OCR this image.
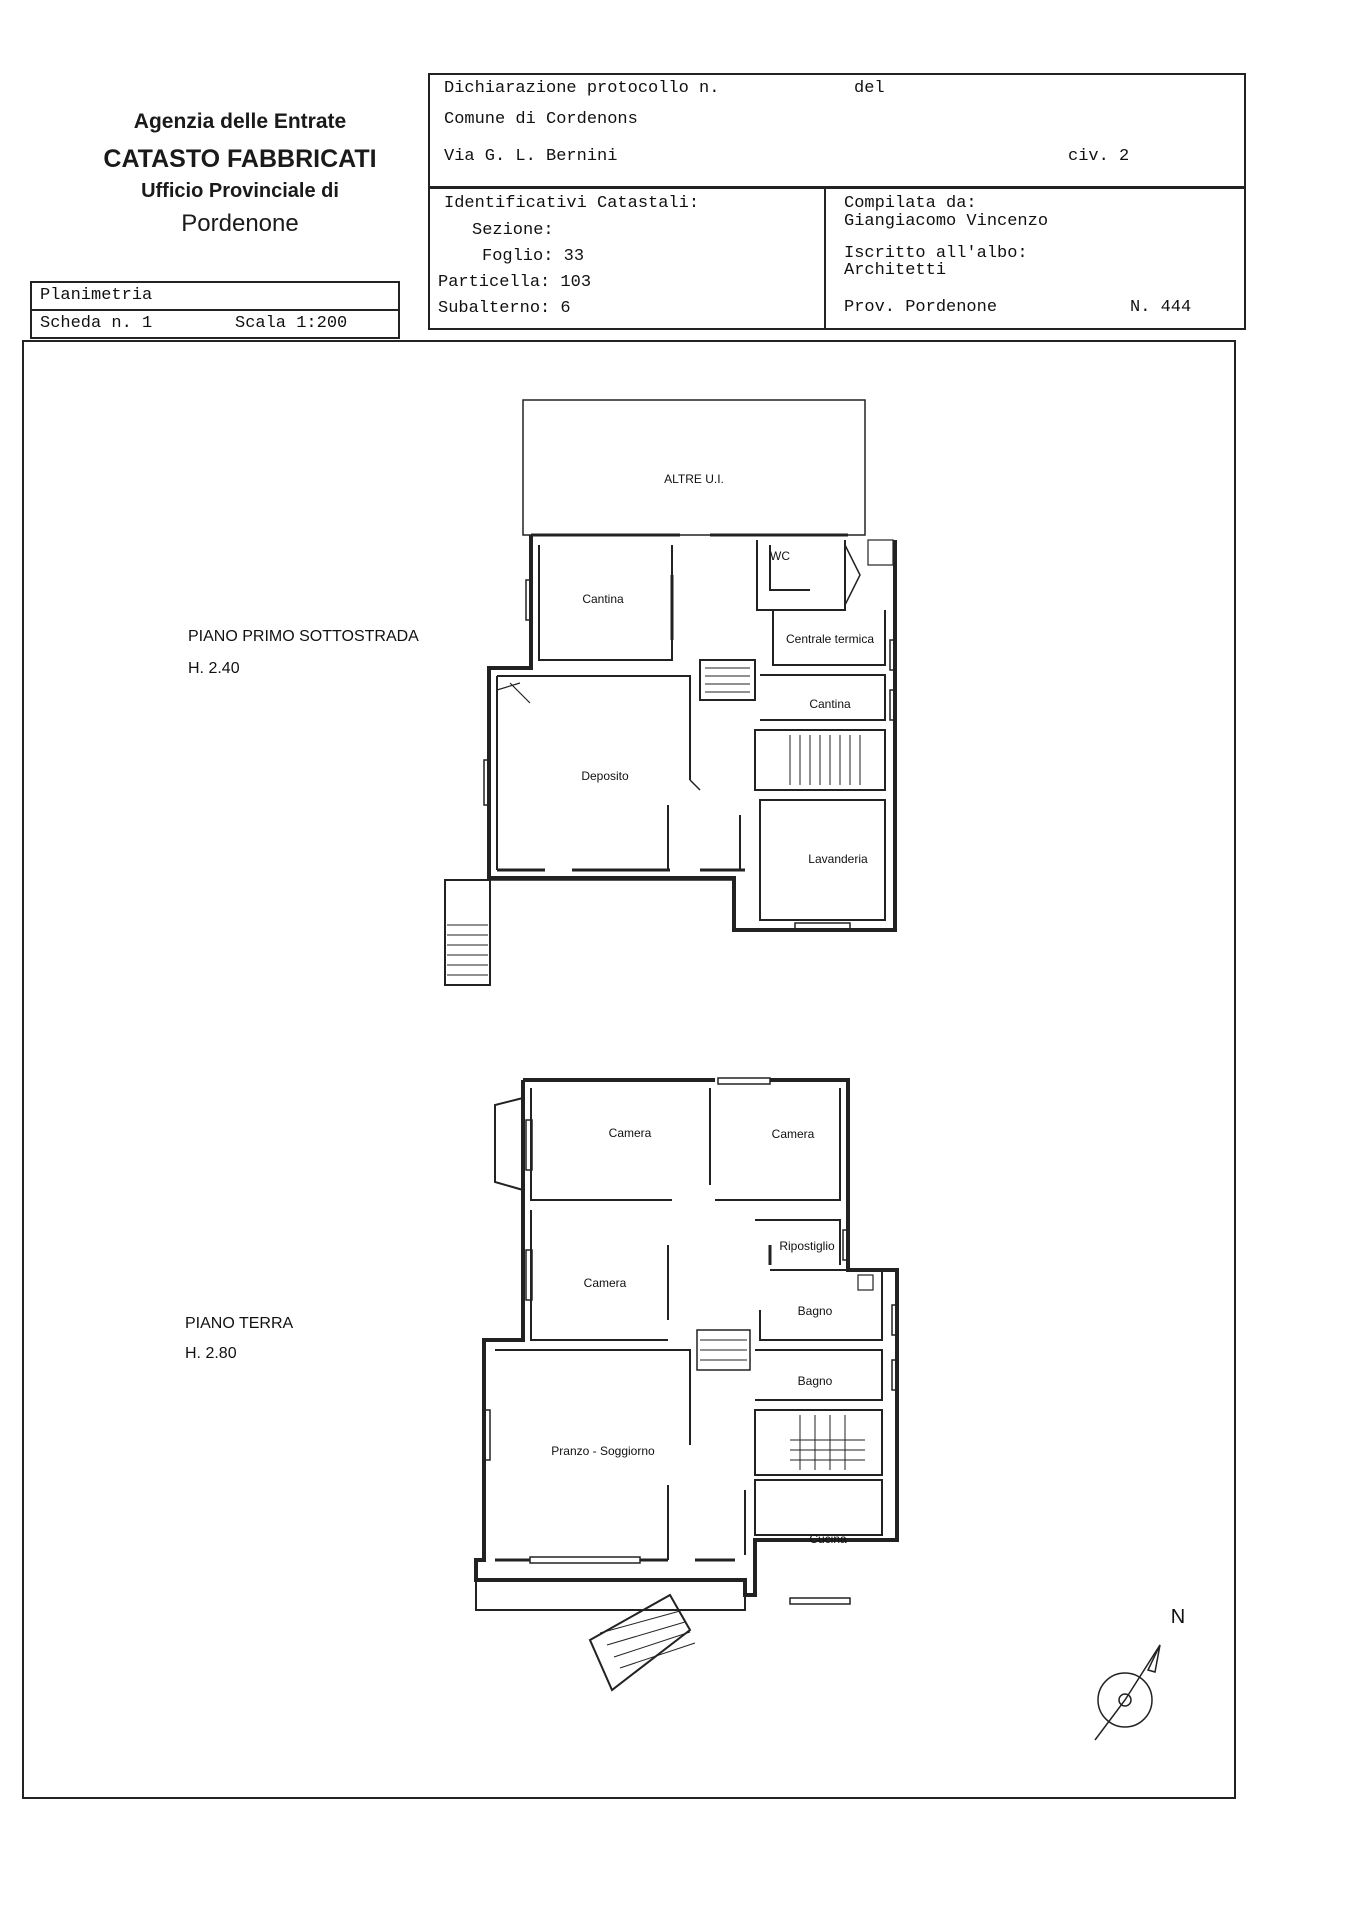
Agenzia delle Entrate
CATASTO FABBRICATI
Ufficio Provinciale di
Pordenone
Planimetria
Scheda n. 1	Scala 1:200
Dichiarazione protocollo n.	del
Comune di Cordenons
Via G. L. Bernini	civ. 2
Identificativi Catastali:
Sezione:
Foglio: 33
Particella: 103
Subalterno: 6
Compilata da:
Giangiacomo Vincenzo
Iscritto all'albo:
Architetti
Prov. Pordenone	N. 444
PIANO PRIMO SOTTOSTRADA
H. 2.40
PIANO TERRA
H. 2.80
ALTRE U.I.
WC
Cantina
Centrale termica
Cantina
Deposito
Lavanderia
Camera	Camera
Ripostiglio
Camera
Bagno
Bagno
Pranzo - Soggiorno
Cucina
N
